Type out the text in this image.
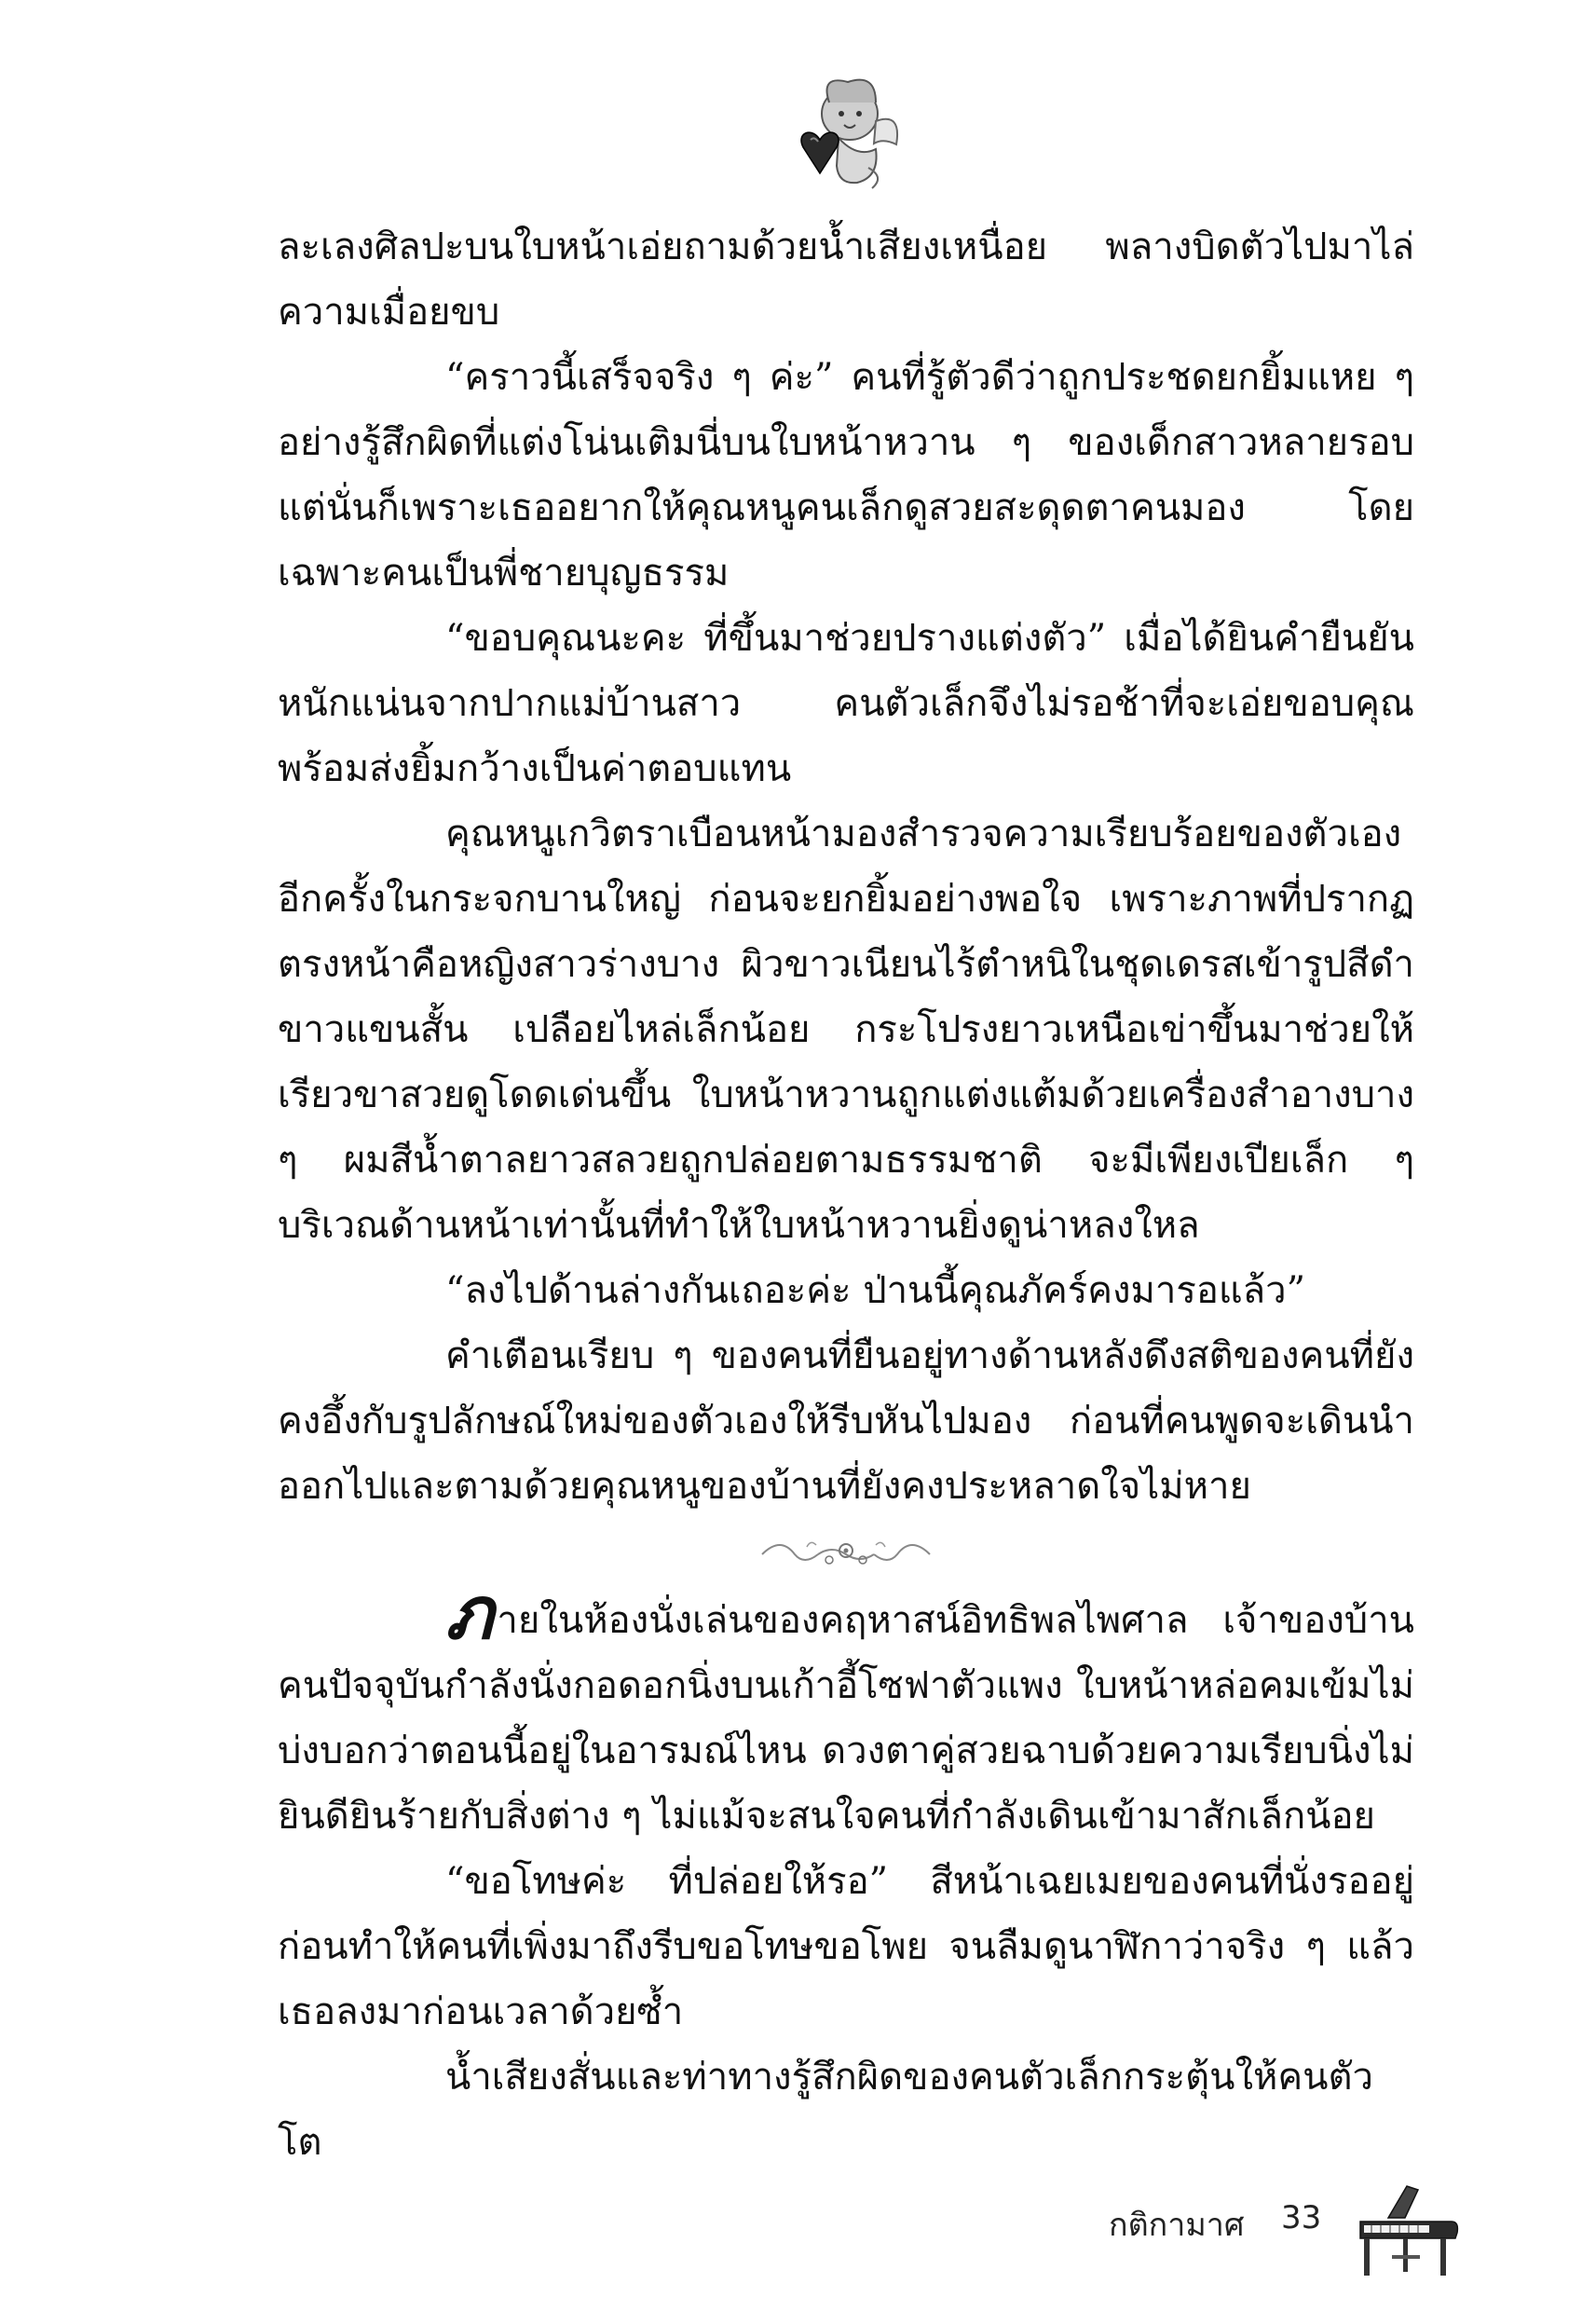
ละเลงศิลปะบนใบหน้าเอ่ยถามด้วยน้ำเสียงเหนื่อย พลางบิดตัวไปมาไล่ความเมื่อยขบ

“คราวนี้เสร็จจริง ๆ ค่ะ” คนที่รู้ตัวดีว่าถูกประชดยกยิ้มแหย ๆ อย่างรู้สึกผิดที่แต่งโน่นเติมนี่บนใบหน้าหวาน ๆ ของเด็กสาวหลายรอบ แต่นั่นก็เพราะเธออยากให้คุณหนูคนเล็กดูสวยสะดุดตาคนมอง โดยเฉพาะคนเป็นพี่ชายบุญธรรม

“ขอบคุณนะคะ ที่ขึ้นมาช่วยปรางแต่งตัว” เมื่อได้ยินคำยืนยันหนักแน่นจากปากแม่บ้านสาว คนตัวเล็กจึงไม่รอช้าที่จะเอ่ยขอบคุณพร้อมส่งยิ้มกว้างเป็นค่าตอบแทน

คุณหนูเกวิตราเบือนหน้ามองสำรวจความเรียบร้อยของตัวเองอีกครั้งในกระจกบานใหญ่ ก่อนจะยกยิ้มอย่างพอใจ เพราะภาพที่ปรากฏตรงหน้าคือหญิงสาวร่างบาง ผิวขาวเนียนไร้ตำหนิในชุดเดรสเข้ารูปสีดำขาวแขนสั้น เปลือยไหล่เล็กน้อย กระโปรงยาวเหนือเข่าขึ้นมาช่วยให้เรียวขาสวยดูโดดเด่นขึ้น ใบหน้าหวานถูกแต่งแต้มด้วยเครื่องสำอางบาง ๆ ผมสีน้ำตาลยาวสลวยถูกปล่อยตามธรรมชาติ จะมีเพียงเปียเล็ก ๆ บริเวณด้านหน้าเท่านั้นที่ทำให้ใบหน้าหวานยิ่งดูน่าหลงใหล

“ลงไปด้านล่างกันเถอะค่ะ ป่านนี้คุณภัคร์คงมารอแล้ว”

คำเตือนเรียบ ๆ ของคนที่ยืนอยู่ทางด้านหลังดึงสติของคนที่ยังคงอึ้งกับรูปลักษณ์ใหม่ของตัวเองให้รีบหันไปมอง ก่อนที่คนพูดจะเดินนำออกไปและตามด้วยคุณหนูของบ้านที่ยังคงประหลาดใจไม่หาย

ภายในห้องนั่งเล่นของคฤหาสน์อิทธิพลไพศาล เจ้าของบ้านคนปัจจุบันกำลังนั่งกอดอกนิ่งบนเก้าอี้โซฟาตัวแพง ใบหน้าหล่อคมเข้มไม่บ่งบอกว่าตอนนี้อยู่ในอารมณ์ไหน ดวงตาคู่สวยฉาบด้วยความเรียบนิ่งไม่ยินดียินร้ายกับสิ่งต่าง ๆ ไม่แม้จะสนใจคนที่กำลังเดินเข้ามาสักเล็กน้อย

“ขอโทษค่ะ ที่ปล่อยให้รอ” สีหน้าเฉยเมยของคนที่นั่งรออยู่ก่อนทำให้คนที่เพิ่งมาถึงรีบขอโทษขอโพย จนลืมดูนาฬิกาว่าจริง ๆ แล้วเธอลงมาก่อนเวลาด้วยซ้ำ

น้ำเสียงสั่นและท่าทางรู้สึกผิดของคนตัวเล็กกระตุ้นให้คนตัวโต

กติกามาศ 33
